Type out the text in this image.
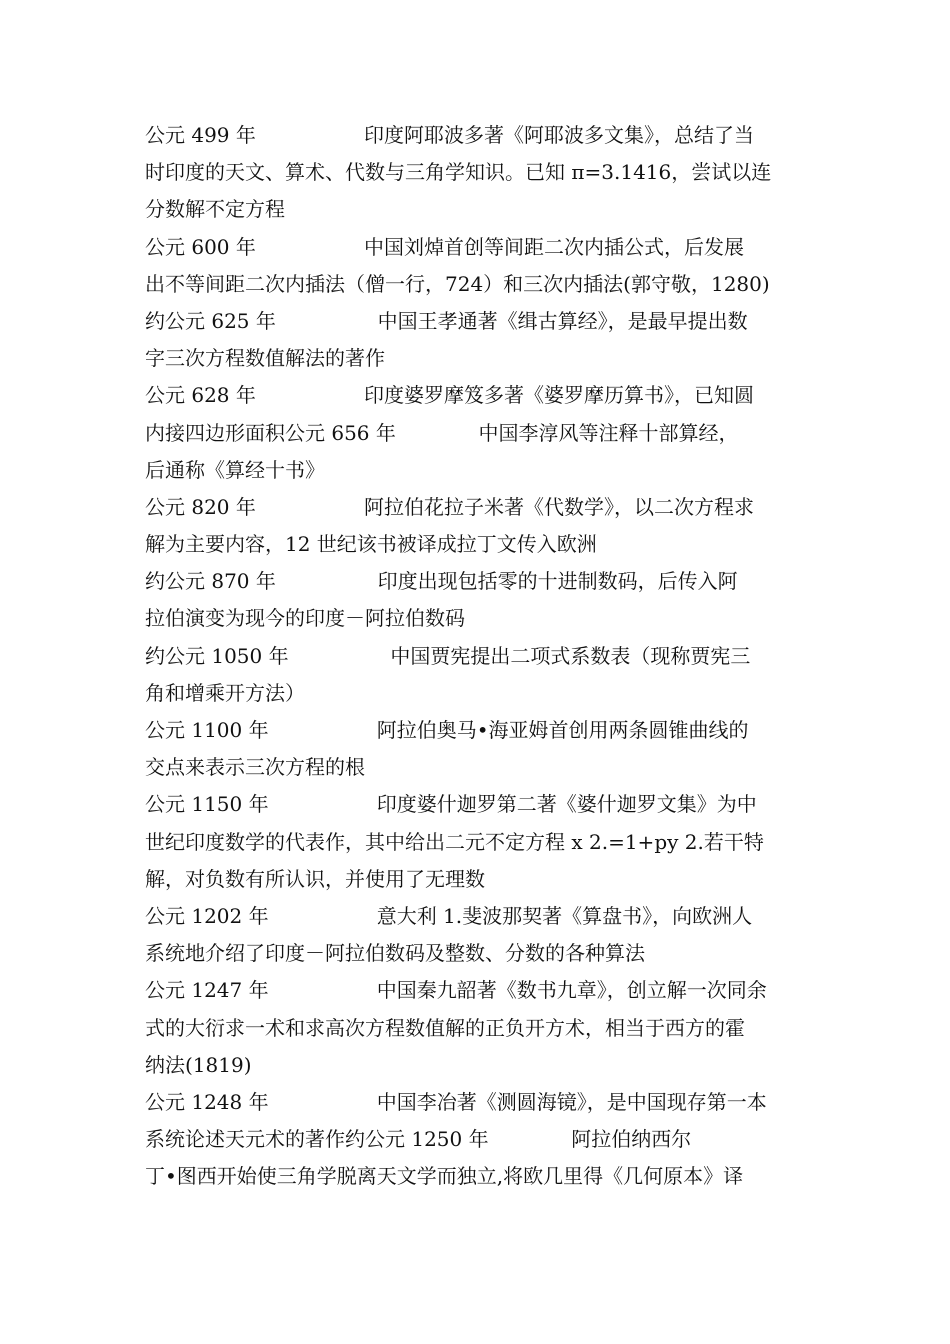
公元 499 年                 印度阿耶波多著《阿耶波多文集》，总结了当
时印度的天文、算术、代数与三角学知识。已知 π=3.1416，尝试以连
分数解不定方程
公元 600 年                 中国刘焯首创等间距二次内插公式，后发展
出不等间距二次内插法（僧一行，724）和三次内插法(郭守敬，1280)
约公元 625 年                中国王孝通著《缉古算经》，是最早提出数
字三次方程数值解法的著作
公元 628 年                 印度婆罗摩笈多著《婆罗摩历算书》，已知圆
内接四边形面积公元 656 年             中国李淳风等注释十部算经，
后通称《算经十书》
公元 820 年                 阿拉伯花拉子米著《代数学》，以二次方程求
解为主要内容，12 世纪该书被译成拉丁文传入欧洲
约公元 870 年                印度出现包括零的十进制数码，后传入阿
拉伯演变为现今的印度－阿拉伯数码
约公元 1050 年                中国贾宪提出二项式系数表（现称贾宪三
角和增乘开方法）
公元 1100 年                 阿拉伯奥马•海亚姆首创用两条圆锥曲线的
交点来表示三次方程的根
公元 1150 年                 印度婆什迦罗第二著《婆什迦罗文集》为中
世纪印度数学的代表作，其中给出二元不定方程 x 2.=1+py 2.若干特
解，对负数有所认识，并使用了无理数
公元 1202 年                 意大利 1.斐波那契著《算盘书》，向欧洲人
系统地介绍了印度－阿拉伯数码及整数、分数的各种算法
公元 1247 年                 中国秦九韶著《数书九章》，创立解一次同余
式的大衍求一术和求高次方程数值解的正负开方术，相当于西方的霍
纳法(1819)
公元 1248 年                 中国李冶著《测圆海镜》，是中国现存第一本
系统论述天元术的著作约公元 1250 年             阿拉伯纳西尔
丁•图西开始使三角学脱离天文学而独立,将欧几里得《几何原本》译
